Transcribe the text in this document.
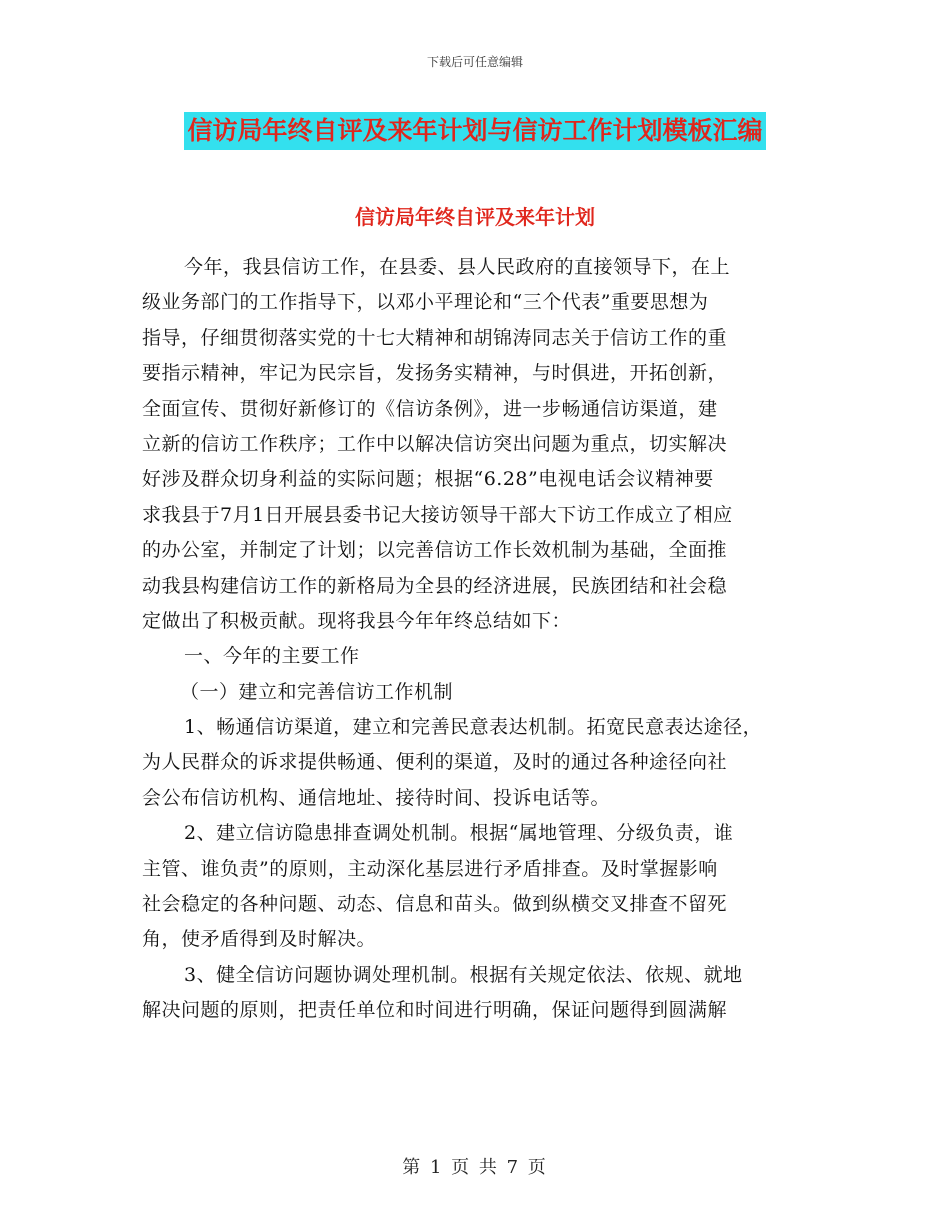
下载后可任意编辑
信访局年终自评及来年计划与信访工作计划模板汇编
信访局年终自评及来年计划
今年，我县信访工作，在县委、县人民政府的直接领导下，在上
级业务部门的工作指导下，以邓小平理论和“三个代表”重要思想为
指导，仔细贯彻落实党的十七大精神和胡锦涛同志关于信访工作的重
要指示精神，牢记为民宗旨，发扬务实精神，与时俱进，开拓创新，
全面宣传、贯彻好新修订的《信访条例》，进一步畅通信访渠道，建
立新的信访工作秩序；工作中以解决信访突出问题为重点，切实解决
好涉及群众切身利益的实际问题；根据“6.28”电视电话会议精神要
求我县于7月1日开展县委书记大接访领导干部大下访工作成立了相应
的办公室，并制定了计划；以完善信访工作长效机制为基础，全面推
动我县构建信访工作的新格局为全县的经济进展，民族团结和社会稳
定做出了积极贡献。现将我县今年年终总结如下：
一、今年的主要工作
（一）建立和完善信访工作机制
1、畅通信访渠道，建立和完善民意表达机制。拓宽民意表达途径，
为人民群众的诉求提供畅通、便利的渠道，及时的通过各种途径向社
会公布信访机构、通信地址、接待时间、投诉电话等。
2、建立信访隐患排查调处机制。根据“属地管理、分级负责，谁
主管、谁负责”的原则，主动深化基层进行矛盾排查。及时掌握影响
社会稳定的各种问题、动态、信息和苗头。做到纵横交叉排查不留死
角，使矛盾得到及时解决。
3、健全信访问题协调处理机制。根据有关规定依法、依规、就地
解决问题的原则，把责任单位和时间进行明确，保证问题得到圆满解
第 1 页 共 7 页
